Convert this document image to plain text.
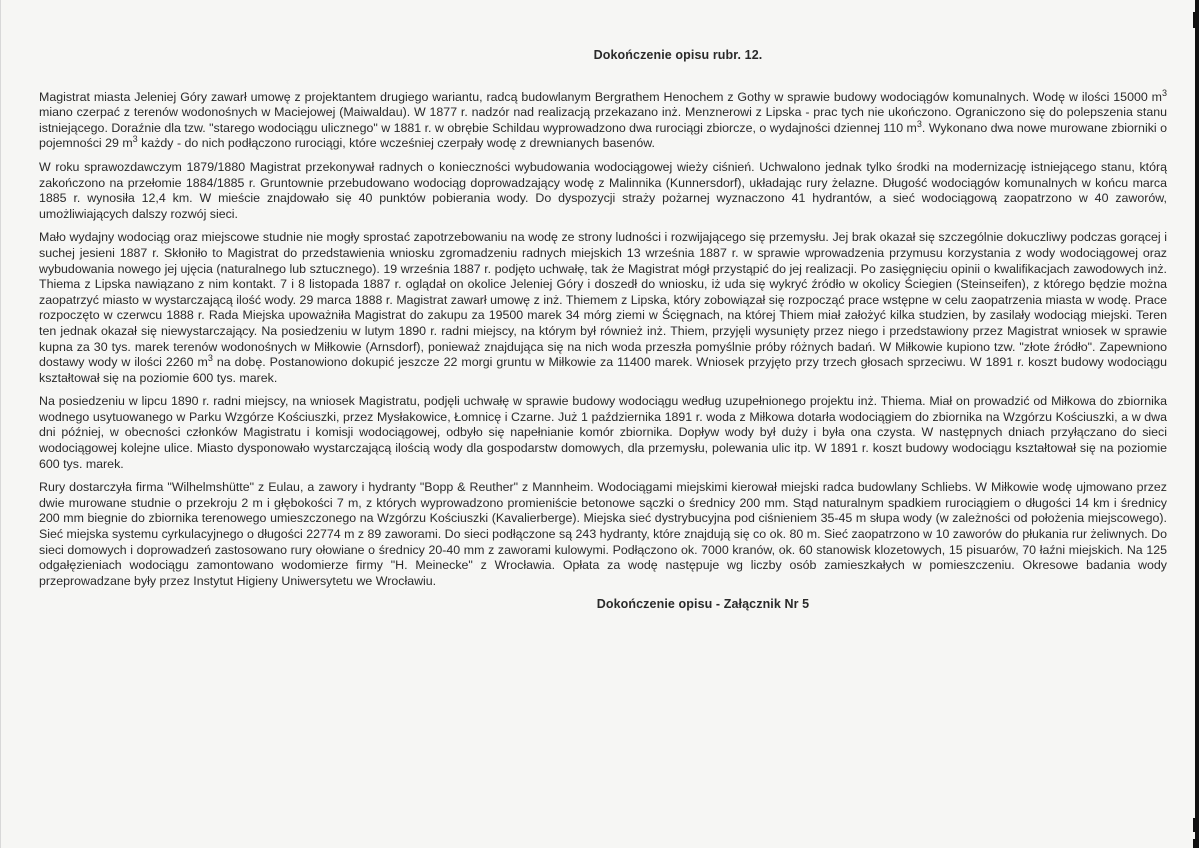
Dokończenie opisu rubr. 12.

Magistrat miasta Jeleniej Góry zawarł umowę z projektantem drugiego wariantu, radcą budowlanym Bergrathem Henochem z Gothy w sprawie budowy wodociągów komunalnych. Wodę w ilości 15000 $m^3$ miano czerpać z terenów wodonośnych w Maciejowej (Maiwaldau). W 1877 r. nadzór nad realizacją przekazano inż. Menznerowi z Lipska - prac tych nie ukończono. Ograniczono się do polepszenia stanu istniejącego. Doraźnie dla tzw. "starego wodociągu ulicznego" w 1881 r. w obrębie Schildau wyprowadzono dwa rurociągi zbiorcze, o wydajności dziennej 110 $m^3$. Wykonano dwa nowe murowane zbiorniki o pojemności 29 $m^3$ każdy - do nich podłączono rurociągi, które wcześniej czerpały wodę z drewnianych basenów.

W roku sprawozdawczym 1879/1880 Magistrat przekonywał radnych o konieczności wybudowania wodociągowej wieży ciśnień. Uchwalono jednak tylko środki na modernizację istniejącego stanu, którą zakończono na przełomie 1884/1885 r. Gruntownie przebudowano wodociąg doprowadzający wodę z Malinnika (Kunnersdorf), układając rury żelazne. Długość wodociągów komunalnych w końcu marca 1885 r. wynosiła 12,4 km. W mieście znajdowało się 40 punktów pobierania wody. Do dyspozycji straży pożarnej wyznaczono 41 hydrantów, a sieć wodociągową zaopatrzono w 40 zaworów, umożliwiających dalszy rozwój sieci.

Mało wydajny wodociąg oraz miejscowe studnie nie mogły sprostać zapotrzebowaniu na wodę ze strony ludności i rozwijającego się przemysłu. Jej brak okazał się szczególnie dokuczliwy podczas gorącej i suchej jesieni 1887 r. Skłoniło to Magistrat do przedstawienia wniosku zgromadzeniu radnych miejskich 13 września 1887 r. w sprawie wprowadzenia przymusu korzystania z wody wodociągowej oraz wybudowania nowego jej ujęcia (naturalnego lub sztucznego). 19 września 1887 r. podjęto uchwałę, tak że Magistrat mógł przystąpić do jej realizacji. Po zasięgnięciu opinii o kwalifikacjach zawodowych inż. Thiema z Lipska nawiązano z nim kontakt. 7 i 8 listopada 1887 r. oglądał on okolice Jeleniej Góry i doszedł do wniosku, iż uda się wykryć źródło w okolicy Ściegien (Steinseifen), z którego będzie można zaopatrzyć miasto w wystarczającą ilość wody. 29 marca 1888 r. Magistrat zawarł umowę z inż. Thiemem z Lipska, który zobowiązał się rozpocząć prace wstępne w celu zaopatrzenia miasta w wodę. Prace rozpoczęto w czerwcu 1888 r. Rada Miejska upoważniła Magistrat do zakupu za 19500 marek 34 mórg ziemi w Ścięgnach, na której Thiem miał założyć kilka studzien, by zasilały wodociąg miejski. Teren ten jednak okazał się niewystarczający. Na posiedzeniu w lutym 1890 r. radni miejscy, na którym był również inż. Thiem, przyjęli wysunięty przez niego i przedstawiony przez Magistrat wniosek w sprawie kupna za 30 tys. marek terenów wodonośnych w Miłkowie (Arnsdorf), ponieważ znajdująca się na nich woda przeszła pomyślnie próby różnych badań. W Miłkowie kupiono tzw. "złote źródło". Zapewniono dostawy wody w ilości 2260 $m^3$ na dobę. Postanowiono dokupić jeszcze 22 morgi gruntu w Miłkowie za 11400 marek. Wniosek przyjęto przy trzech głosach sprzeciwu. W 1891 r. koszt budowy wodociągu kształtował się na poziomie 600 tys. marek.

Na posiedzeniu w lipcu 1890 r. radni miejscy, na wniosek Magistratu, podjęli uchwałę w sprawie budowy wodociągu według uzupełnionego projektu inż. Thiema. Miał on prowadzić od Miłkowa do zbiornika wodnego usytuowanego w Parku Wzgórze Kościuszki, przez Mysłakowice, Łomnicę i Czarne. Już 1 października 1891 r. woda z Miłkowa dotarła wodociągiem do zbiornika na Wzgórzu Kościuszki, a w dwa dni później, w obecności członków Magistratu i komisji wodociągowej, odbyło się napełnianie komór zbiornika. Dopływ wody był duży i była ona czysta. W następnych dniach przyłączano do sieci wodociągowej kolejne ulice. Miasto dysponowało wystarczającą ilością wody dla gospodarstw domowych, dla przemysłu, polewania ulic itp. W 1891 r. koszt budowy wodociągu kształtował się na poziomie 600 tys. marek.

Rury dostarczyła firma "Wilhelmshütte" z Eulau, a zawory i hydranty "Bopp & Reuther" z Mannheim. Wodociągami miejskimi kierował miejski radca budowlany Schliebs. W Miłkowie wodę ujmowano przez dwie murowane studnie o przekroju 2 m i głębokości 7 m, z których wyprowadzono promieniście betonowe sączki o średnicy 200 mm. Stąd naturalnym spadkiem rurociągiem o długości 14 km i średnicy 200 mm biegnie do zbiornika terenowego umieszczonego na Wzgórzu Kościuszki (Kavalierberge). Miejska sieć dystrybucyjna pod ciśnieniem 35-45 m słupa wody (w zależności od położenia miejscowego). Sieć miejska systemu cyrkulacyjnego o długości 22774 m z 89 zaworami. Do sieci podłączone są 243 hydranty, które znajdują się co ok. 80 m. Sieć zaopatrzono w 10 zaworów do płukania rur żeliwnych. Do sieci domowych i doprowadzeń zastosowano rury ołowiane o średnicy 20-40 mm z zaworami kulowymi. Podłączono ok. 7000 kranów, ok. 60 stanowisk klozetowych, 15 pisuarów, 70 łaźni miejskich. Na 125 odgałęzieniach wodociągu zamontowano wodomierze firmy "H. Meinecke" z Wrocławia. Opłata za wodę następuje wg liczby osób zamieszkałych w pomieszczeniu. Okresowe badania wody przeprowadzane były przez Instytut Higieny Uniwersytetu we Wrocławiu.

Dokończenie opisu - Załącznik Nr 5
